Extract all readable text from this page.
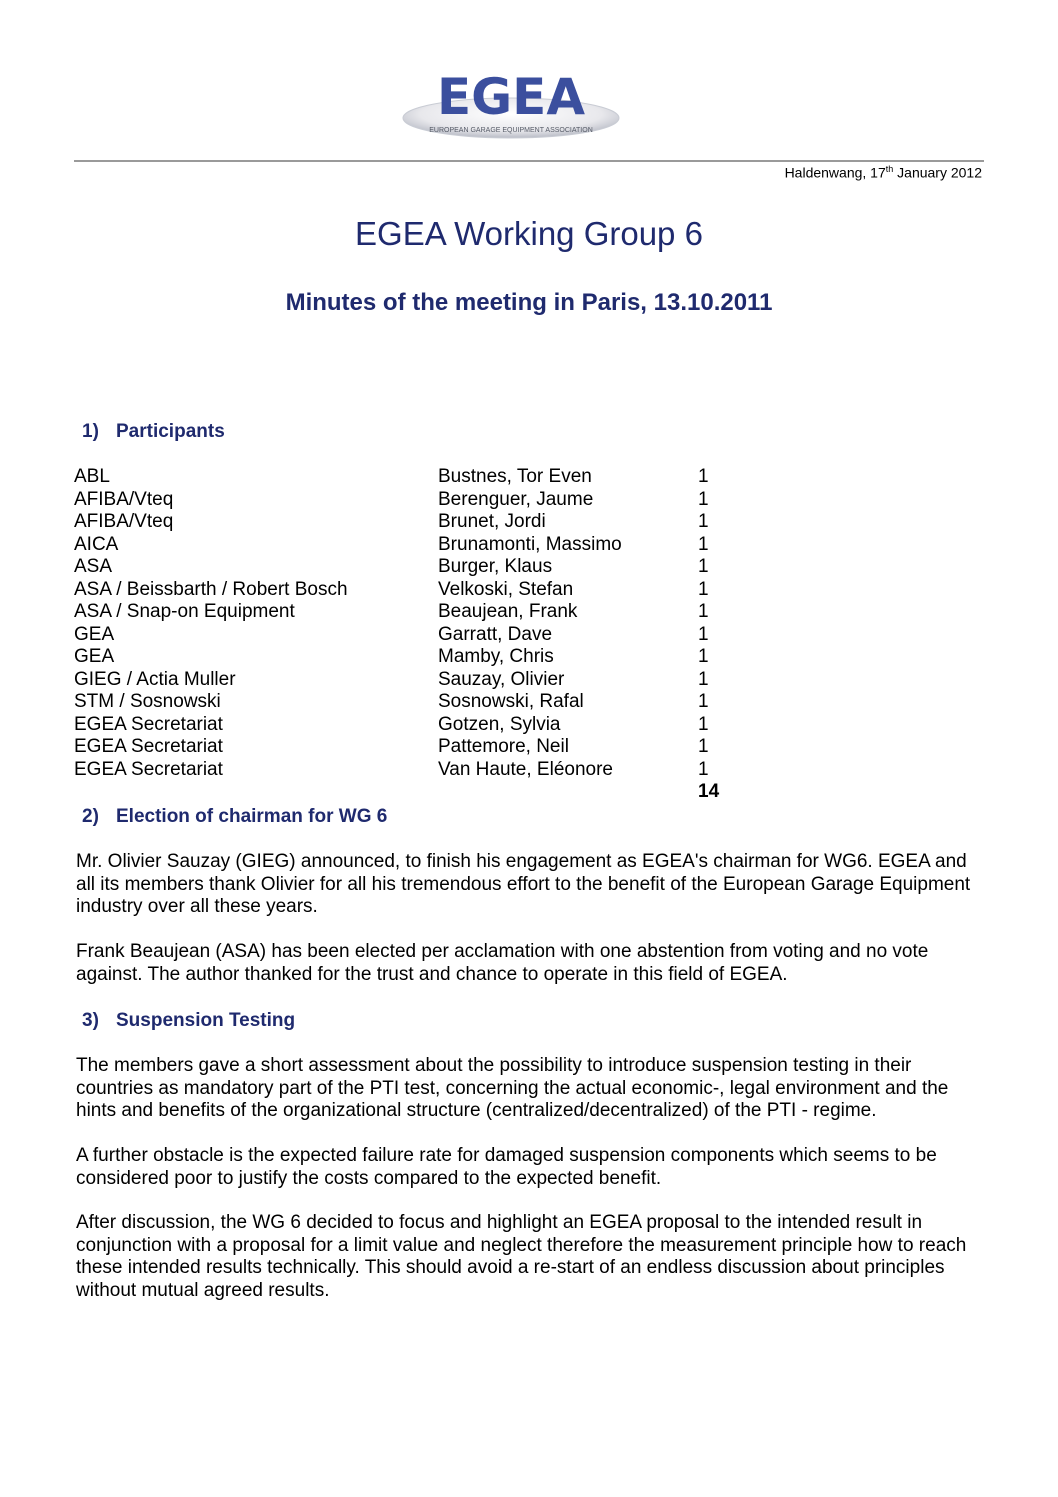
EGEA
EUROPEAN GARAGE EQUIPMENT ASSOCIATION
Haldenwang, 17th January 2012
EGEA Working Group 6
Minutes of the meeting in Paris, 13.10.2011
1) Participants
ABL	Bustnes, Tor Even	1
AFIBA/Vteq	Berenguer, Jaume	1
AFIBA/Vteq	Brunet, Jordi	1
AICA	Brunamonti, Massimo	1
ASA	Burger, Klaus	1
ASA / Beissbarth / Robert Bosch	Velkoski, Stefan	1
ASA / Snap-on Equipment	Beaujean, Frank	1
GEA	Garratt, Dave	1
GEA	Mamby, Chris	1
GIEG / Actia Muller	Sauzay, Olivier	1
STM / Sosnowski	Sosnowski, Rafal	1
EGEA Secretariat	Gotzen, Sylvia	1
EGEA Secretariat	Pattemore, Neil	1
EGEA Secretariat	Van Haute, Eléonore	1
14
2) Election of chairman for WG 6
Mr. Olivier Sauzay (GIEG) announced, to finish his engagement as EGEA's chairman for WG6. EGEA and all its members thank Olivier for all his tremendous effort to the benefit of the European Garage Equipment industry over all these years.
Frank Beaujean (ASA) has been elected per acclamation with one abstention from voting and no vote against. The author thanked for the trust and chance to operate in this field of EGEA.
3) Suspension Testing
The members gave a short assessment about the possibility to introduce suspension testing in their countries as mandatory part of the PTI test, concerning the actual economic-, legal environment and the hints and benefits of the organizational structure (centralized/decentralized) of the PTI - regime.
A further obstacle is the expected failure rate for damaged suspension components which seems to be considered poor to justify the costs compared to the expected benefit.
After discussion, the WG 6 decided to focus and highlight an EGEA proposal to the intended result in conjunction with a proposal for a limit value and neglect therefore the measurement principle how to reach these intended results technically. This should avoid a re-start of an endless discussion about principles without mutual agreed results.
